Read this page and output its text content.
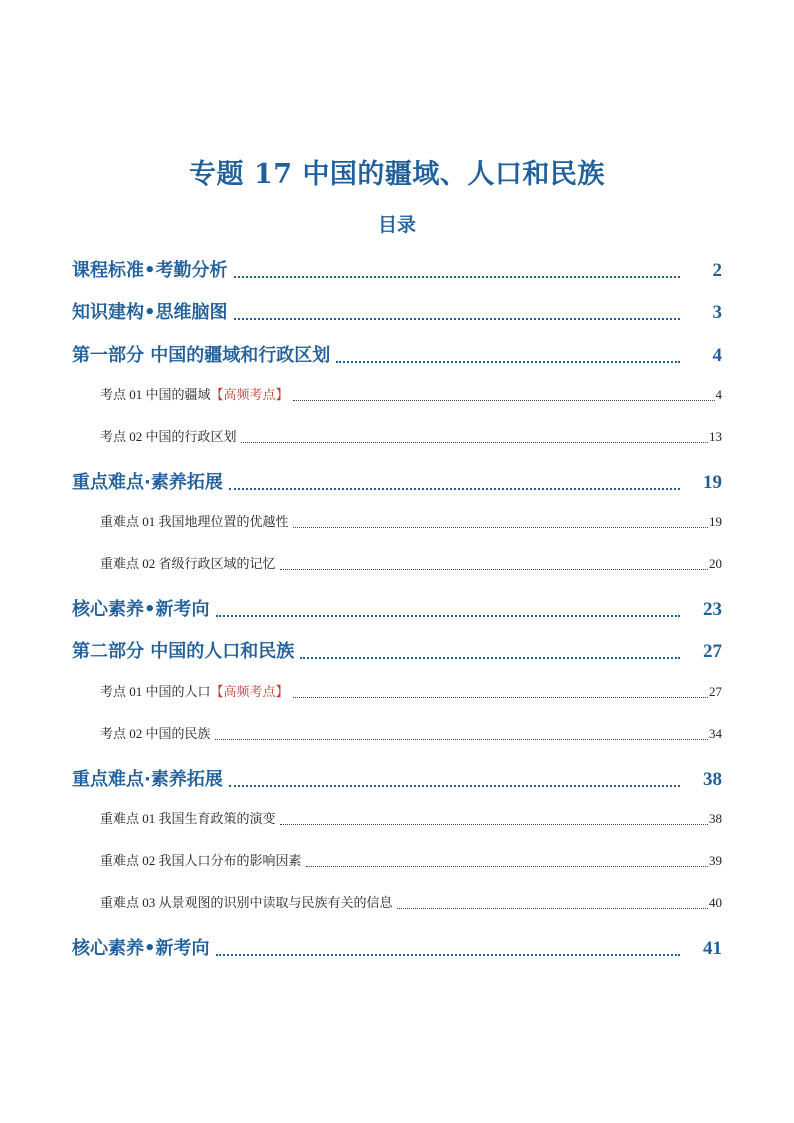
专题 17 中国的疆域、人口和民族
目录
课程标准•考勤分析	2
知识建构•思维脑图	3
第一部分 中国的疆域和行政区划	4
考点 01 中国的疆域【高频考点】	4
考点 02 中国的行政区划	13
重点难点·素养拓展	19
重难点 01 我国地理位置的优越性	19
重难点 02 省级行政区域的记忆	20
核心素养•新考向	23
第二部分 中国的人口和民族	27
考点 01 中国的人口【高频考点】	27
考点 02 中国的民族	34
重点难点·素养拓展	38
重难点 01 我国生育政策的演变	38
重难点 02 我国人口分布的影响因素	39
重难点 03 从景观图的识别中读取与民族有关的信息	40
核心素养•新考向	41
